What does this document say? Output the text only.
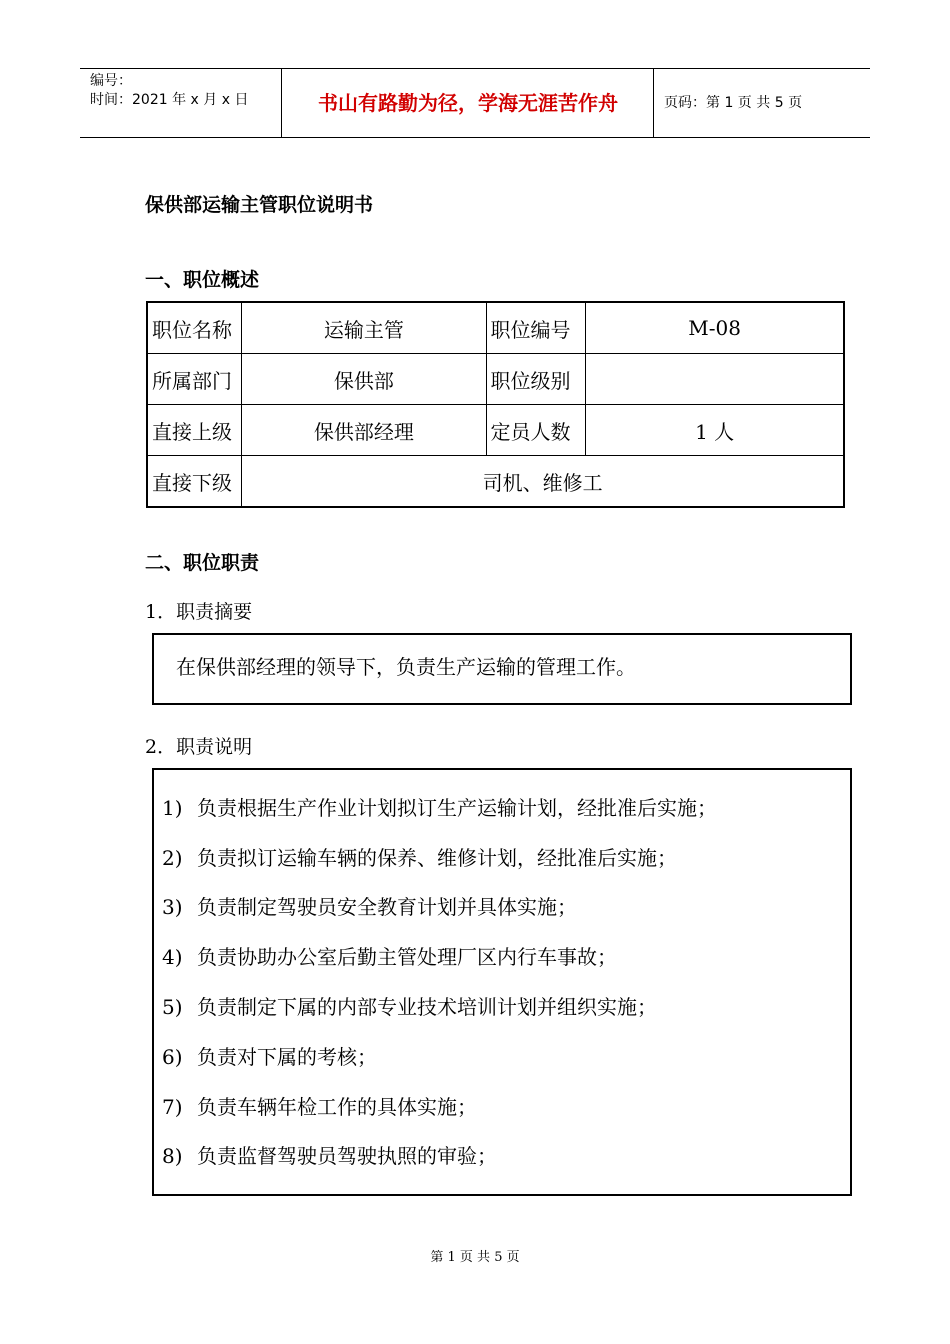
编号：
时间：2021 年 x 月 x 日	书山有路勤为径，学海无涯苦作舟	页码：第 1 页 共 5 页
保供部运输主管职位说明书
一、职位概述
职位名称	运输主管	职位编号	M-08
所属部门	保供部	职位级别	
直接上级	保供部经理	定员人数	1 人
直接下级	司机、维修工		
二、职位职责
1．职责摘要
在保供部经理的领导下，负责生产运输的管理工作。
2．职责说明
1) 负责根据生产作业计划拟订生产运输计划，经批准后实施；
2) 负责拟订运输车辆的保养、维修计划，经批准后实施；
3) 负责制定驾驶员安全教育计划并具体实施；
4) 负责协助办公室后勤主管处理厂区内行车事故；
5) 负责制定下属的内部专业技术培训计划并组织实施；
6) 负责对下属的考核；
7) 负责车辆年检工作的具体实施；
8) 负责监督驾驶员驾驶执照的审验；
第 1 页 共 5 页
